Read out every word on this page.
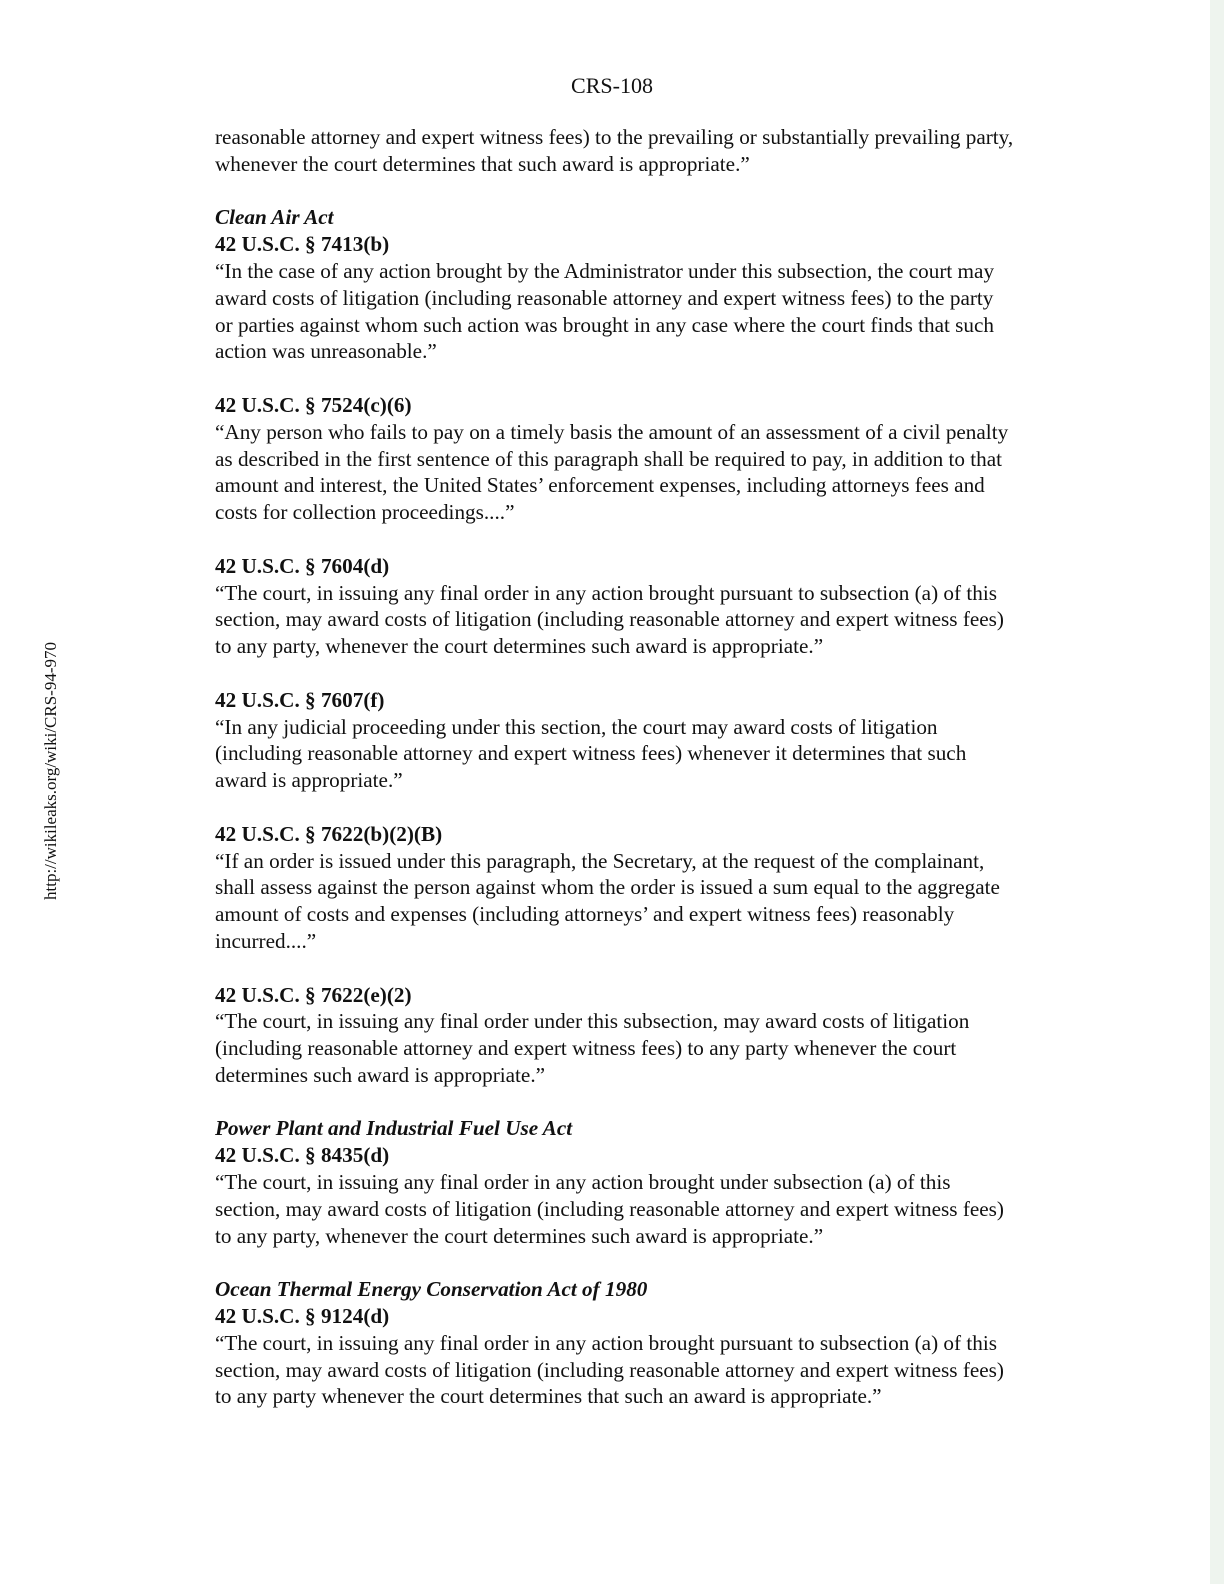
CRS-108
http://wikileaks.org/wiki/CRS-94-970

reasonable attorney and expert witness fees) to the prevailing or substantially prevailing party, whenever the court determines that such award is appropriate.”

Clean Air Act

42 U.S.C. § 7413(b)

“In the case of any action brought by the Administrator under this subsection, the court may award costs of litigation (including reasonable attorney and expert witness fees) to the party or parties against whom such action was brought in any case where the court finds that such action was unreasonable.”

42 U.S.C. § 7524(c)(6)

“Any person who fails to pay on a timely basis the amount of an assessment of a civil penalty as described in the first sentence of this paragraph shall be required to pay, in addition to that amount and interest, the United States’ enforcement expenses, including attorneys fees and costs for collection proceedings....”

42 U.S.C. § 7604(d)

“The court, in issuing any final order in any action brought pursuant to subsection (a) of this section, may award costs of litigation (including reasonable attorney and expert witness fees) to any party, whenever the court determines such award is appropriate.”

42 U.S.C. § 7607(f)

“In any judicial proceeding under this section, the court may award costs of litigation (including reasonable attorney and expert witness fees) whenever it determines that such award is appropriate.”

42 U.S.C. § 7622(b)(2)(B)

“If an order is issued under this paragraph, the Secretary, at the request of the complainant, shall assess against the person against whom the order is issued a sum equal to the aggregate amount of costs and expenses (including attorneys’ and expert witness fees) reasonably incurred....”

42 U.S.C. § 7622(e)(2)

“The court, in issuing any final order under this subsection, may award costs of litigation (including reasonable attorney and expert witness fees) to any party whenever the court determines such award is appropriate.”

Power Plant and Industrial Fuel Use Act

42 U.S.C. § 8435(d)

“The court, in issuing any final order in any action brought under subsection (a) of this section, may award costs of litigation (including reasonable attorney and expert witness fees) to any party, whenever the court determines such award is appropriate.”

Ocean Thermal Energy Conservation Act of 1980

42 U.S.C. § 9124(d)

“The court, in issuing any final order in any action brought pursuant to subsection (a) of this section, may award costs of litigation (including reasonable attorney and expert witness fees) to any party whenever the court determines that such an award is appropriate.”
